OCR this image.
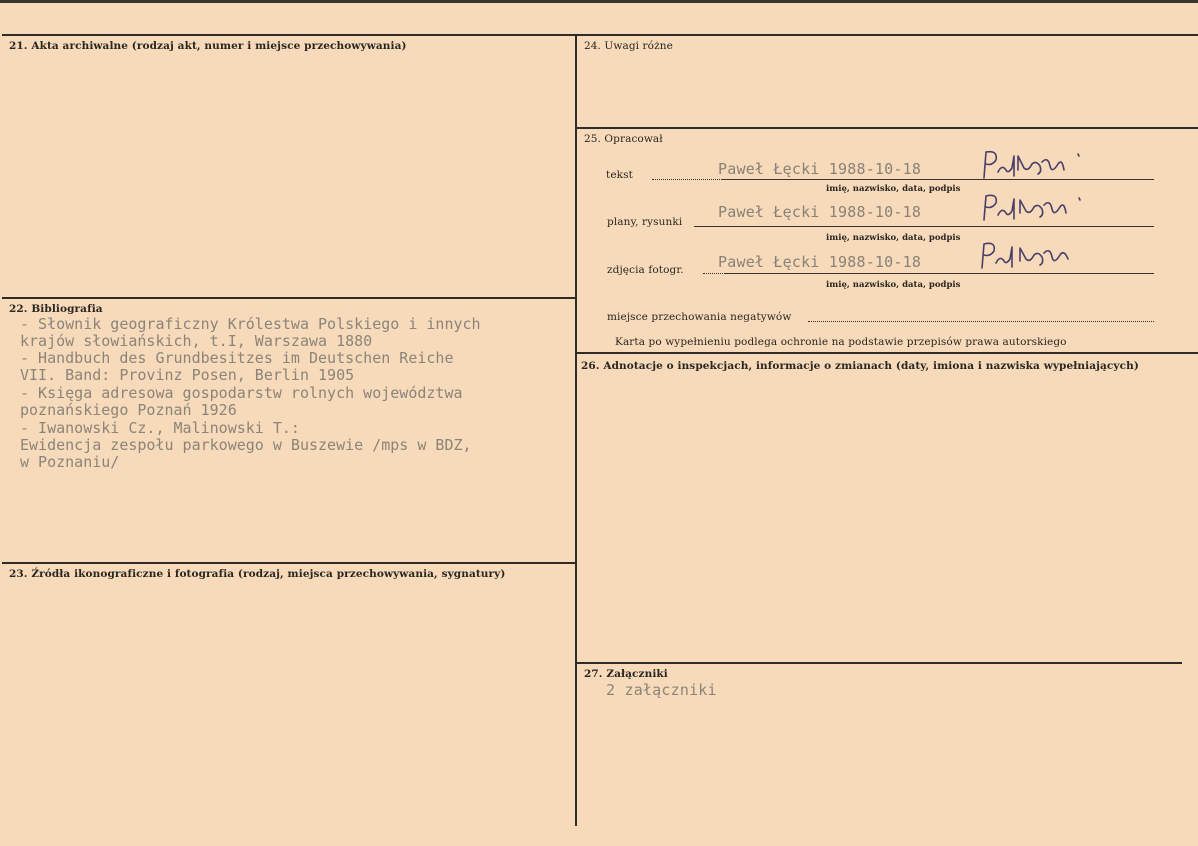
21. Akta archiwalne (rodzaj akt, numer i miejsce przechowywania)
22. Bibliografia
- Słownik geograficzny Królestwa Polskiego i innych
krajów słowiańskich, t.I, Warszawa 1880
- Handbuch des Grundbesitzes im Deutschen Reiche
VII. Band: Provinz Posen, Berlin 1905
- Księga adresowa gospodarstw rolnych województwa
poznańskiego Poznań 1926
- Iwanowski Cz., Malinowski T.:
Ewidencja zespołu parkowego w Buszewie /mps w BDZ,
w Poznaniu/
23. Źródła ikonograficzne i fotografia (rodzaj, miejsca przechowywania, sygnatury)
24. Uwagi różne
25. Opracował
tekst	Paweł Łęcki 1988-10-18
imię, nazwisko, data, podpis
plany, rysunki
Paweł Łęcki 1988-10-18
imię, nazwisko, data, podpis
zdjęcia fotogr. Paweł Łęcki 1988-10-18
imię, nazwisko, data, podpis
miejsce przechowania negatywów
Karta po wypełnieniu podlega ochronie na podstawie przepisów prawa autorskiego
26. Adnotacje o inspekcjach, informacje o zmianach (daty, imiona i nazwiska wypełniających)
27. Załączniki
2 załączniki
